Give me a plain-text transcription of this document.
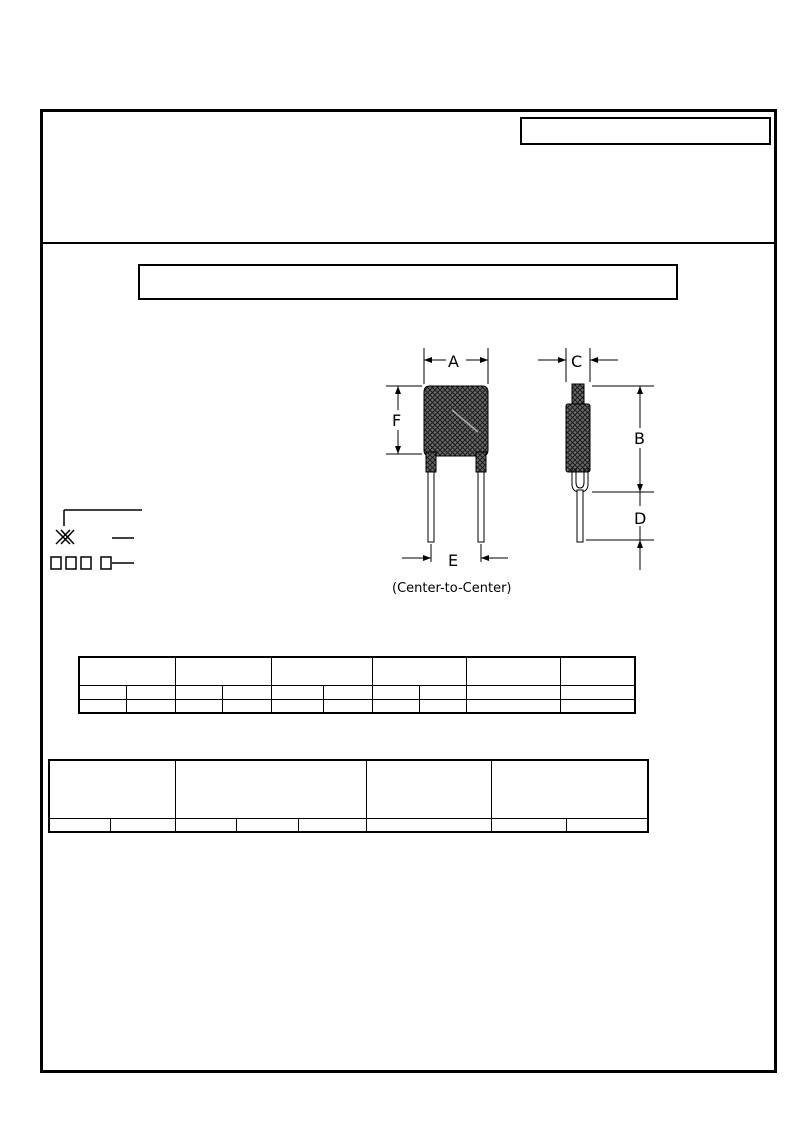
A
F
C
B
D
E
(Center-to-Center)
